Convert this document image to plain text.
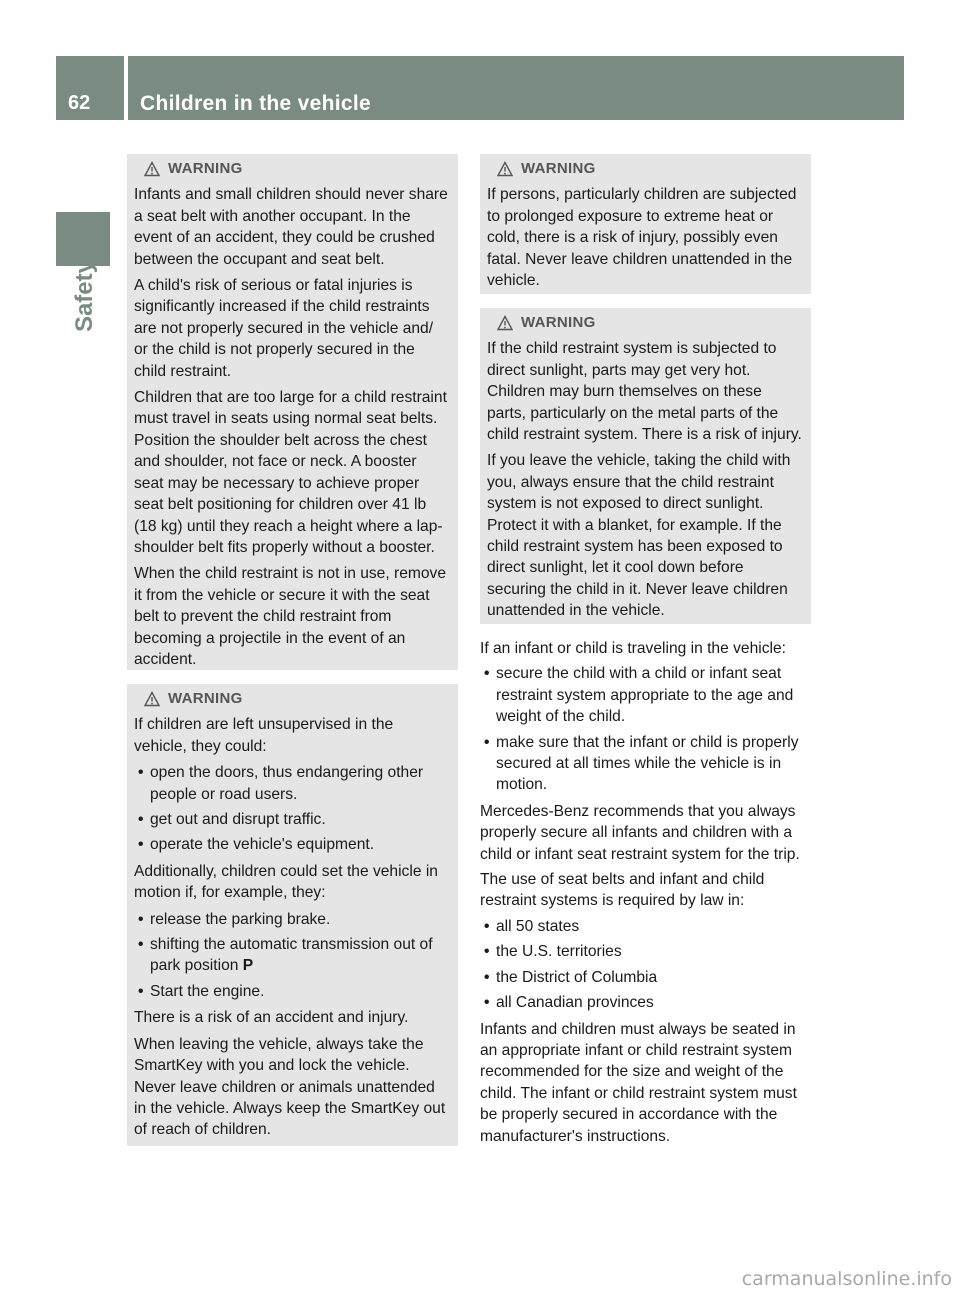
62 Children in the vehicle
Safety
WARNING

Infants and small children should never share a seat belt with another occupant. In the event of an accident, they could be crushed between the occupant and seat belt.

A child's risk of serious or fatal injuries is significantly increased if the child restraints are not properly secured in the vehicle and/ or the child is not properly secured in the child restraint.

Children that are too large for a child restraint must travel in seats using normal seat belts. Position the shoulder belt across the chest and shoulder, not face or neck. A booster seat may be necessary to achieve proper seat belt positioning for children over 41 lb (18 kg) until they reach a height where a lap-shoulder belt fits properly without a booster.

When the child restraint is not in use, remove it from the vehicle or secure it with the seat belt to prevent the child restraint from becoming a projectile in the event of an accident.

WARNING

If children are left unsupervised in the vehicle, they could:

• open the doors, thus endangering other people or road users.
• get out and disrupt traffic.
• operate the vehicle's equipment.

Additionally, children could set the vehicle in motion if, for example, they:

• release the parking brake.
• shifting the automatic transmission out of park position P
• Start the engine.

There is a risk of an accident and injury.

When leaving the vehicle, always take the SmartKey with you and lock the vehicle. Never leave children or animals unattended in the vehicle. Always keep the SmartKey out of reach of children.

WARNING

If persons, particularly children are subjected to prolonged exposure to extreme heat or cold, there is a risk of injury, possibly even fatal. Never leave children unattended in the vehicle.

WARNING

If the child restraint system is subjected to direct sunlight, parts may get very hot. Children may burn themselves on these parts, particularly on the metal parts of the child restraint system. There is a risk of injury.

If you leave the vehicle, taking the child with you, always ensure that the child restraint system is not exposed to direct sunlight. Protect it with a blanket, for example. If the child restraint system has been exposed to direct sunlight, let it cool down before securing the child in it. Never leave children unattended in the vehicle.

If an infant or child is traveling in the vehicle:

• secure the child with a child or infant seat restraint system appropriate to the age and weight of the child.
• make sure that the infant or child is properly secured at all times while the vehicle is in motion.

Mercedes-Benz recommends that you always properly secure all infants and children with a child or infant seat restraint system for the trip.

The use of seat belts and infant and child restraint systems is required by law in:

• all 50 states
• the U.S. territories
• the District of Columbia
• all Canadian provinces

Infants and children must always be seated in an appropriate infant or child restraint system recommended for the size and weight of the child. The infant or child restraint system must be properly secured in accordance with the manufacturer's instructions.

carmanualsonline.info
